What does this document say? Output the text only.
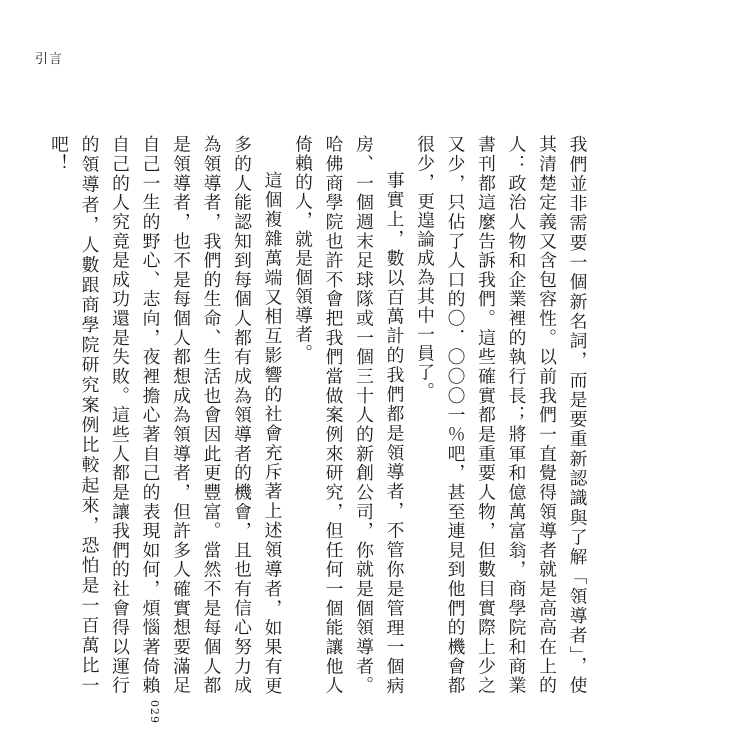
引言

我們並非需要一個新名詞，而是要重新認識與了解「領導者」，使其清楚定義又含包容性。以前我們一直覺得領導者就是高高在上的人：政治人物和企業裡的執行長；將軍和億萬富翁，商學院和商業書刊都這麼告訴我們。這些確實都是重要人物，但數目實際上少之又少，只佔了人口的〇．〇〇〇一％吧，甚至連見到他們的機會都很少，更遑論成為其中一員了。

事實上，數以百萬計的我們都是領導者，不管你是管理一個病房、一個週末足球隊或一個三十人的新創公司，你就是個領導者。哈佛商學院也許不會把我們當做案例來研究，但任何一個能讓他人倚賴的人，就是個領導者。

這個複雜萬端又相互影響的社會充斥著上述領導者，如果有更多的人能認知到每個人都有成為領導者的機會，且也有信心努力成為領導者，我們的生命、生活也會因此更豐富。當然不是每個人都是領導者，也不是每個人都想成為領導者，但許多人確實想要滿足自己一生的野心、志向，夜裡擔心著自己的表現如何，煩惱著倚賴自己的人究竟是成功還是失敗。這些人都是讓我們的社會得以運行的領導者，人數跟商學院研究案例比較起來，恐怕是一百萬比一吧！

029
